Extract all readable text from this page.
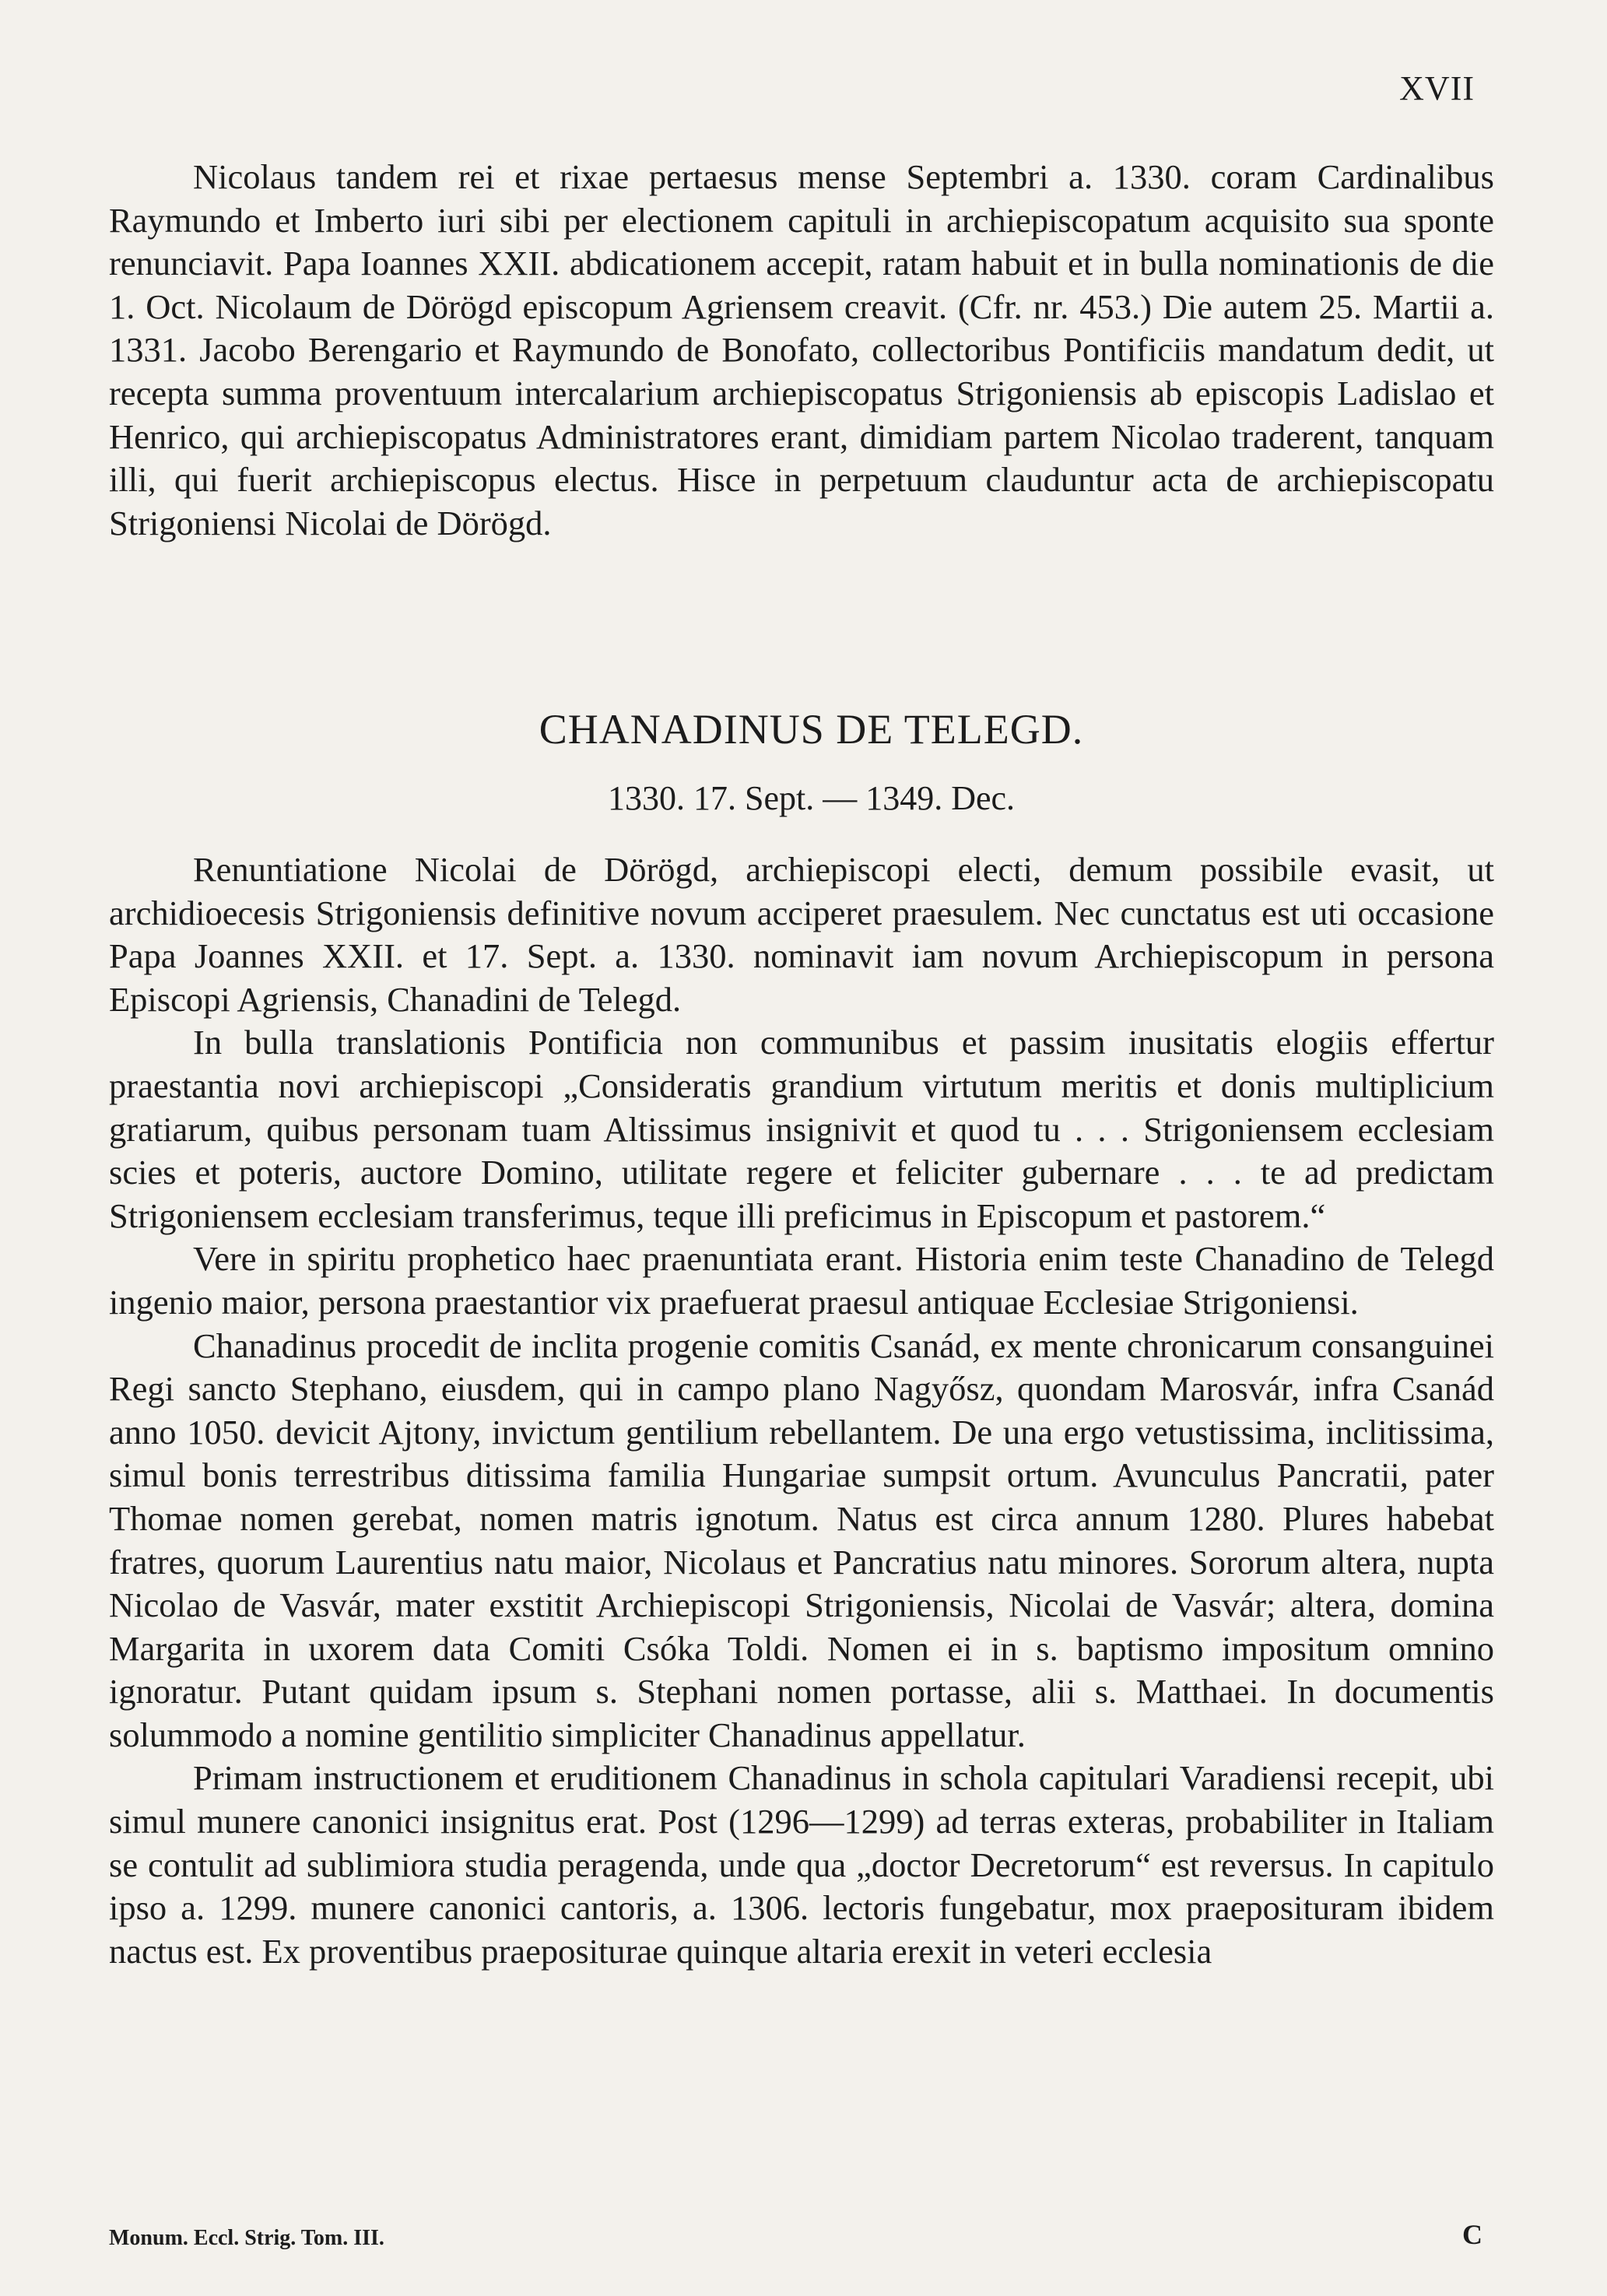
XVII

Nicolaus tandem rei et rixae pertaesus mense Septembri a. 1330. coram Cardinalibus Raymundo et Imberto iuri sibi per electionem capituli in archiepiscopatum acquisito sua sponte renunciavit. Papa Ioannes XXII. abdicationem accepit, ratam habuit et in bulla nominationis de die 1. Oct. Nicolaum de Dörögd episcopum Agriensem creavit. (Cfr. nr. 453.) Die autem 25. Martii a. 1331. Jacobo Berengario et Raymundo de Bonofato, collectoribus Pontificiis mandatum dedit, ut recepta summa proventuum intercalarium archiepiscopatus Strigoniensis ab episcopis Ladislao et Henrico, qui archiepiscopatus Administratores erant, dimidiam partem Nicolao traderent, tanquam illi, qui fuerit archiepiscopus electus. Hisce in perpetuum clauduntur acta de archiepiscopatu Strigoniensi Nicolai de Dörögd.

CHANADINUS DE TELEGD.
1330. 17. Sept. — 1349. Dec.

Renuntiatione Nicolai de Dörögd, archiepiscopi electi, demum possibile evasit, ut archidioecesis Strigoniensis definitive novum acciperet praesulem. Nec cunctatus est uti occasione Papa Joannes XXII. et 17. Sept. a. 1330. nominavit iam novum Archiepiscopum in persona Episcopi Agriensis, Chanadini de Telegd.

In bulla translationis Pontificia non communibus et passim inusitatis elogiis effertur praestantia novi archiepiscopi „Consideratis grandium virtutum meritis et donis multiplicium gratiarum, quibus personam tuam Altissimus insignivit et quod tu . . . Strigoniensem ecclesiam scies et poteris, auctore Domino, utilitate regere et feliciter gubernare . . . te ad predictam Strigoniensem ecclesiam transferimus, teque illi preficimus in Episcopum et pastorem.“

Vere in spiritu prophetico haec praenuntiata erant. Historia enim teste Chanadino de Telegd ingenio maior, persona praestantior vix praefuerat praesul antiquae Ecclesiae Strigoniensi.

Chanadinus procedit de inclita progenie comitis Csanád, ex mente chronicarum consanguinei Regi sancto Stephano, eiusdem, qui in campo plano Nagyősz, quondam Marosvár, infra Csanád anno 1050. devicit Ajtony, invictum gentilium rebellantem. De una ergo vetustissima, inclitissima, simul bonis terrestribus ditissima familia Hungariae sumpsit ortum. Avunculus Pancratii, pater Thomae nomen gerebat, nomen matris ignotum. Natus est circa annum 1280. Plures habebat fratres, quorum Laurentius natu maior, Nicolaus et Pancratius natu minores. Sororum altera, nupta Nicolao de Vasvár, mater exstitit Archiepiscopi Strigoniensis, Nicolai de Vasvár; altera, domina Margarita in uxorem data Comiti Csóka Toldi. Nomen ei in s. baptismo impositum omnino ignoratur. Putant quidam ipsum s. Stephani nomen portasse, alii s. Matthaei. In documentis solummodo a nomine gentilitio simpliciter Chanadinus appellatur.

Primam instructionem et eruditionem Chanadinus in schola capitulari Varadiensi recepit, ubi simul munere canonici insignitus erat. Post (1296—1299) ad terras exteras, probabiliter in Italiam se contulit ad sublimiora studia peragenda, unde qua „doctor Decretorum“ est reversus. In capitulo ipso a. 1299. munere canonici cantoris, a. 1306. lectoris fungebatur, mox praeposituram ibidem nactus est. Ex proventibus praepositurae quinque altaria erexit in veteri ecclesia

Monum. Eccl. Strig. Tom. III.	C
